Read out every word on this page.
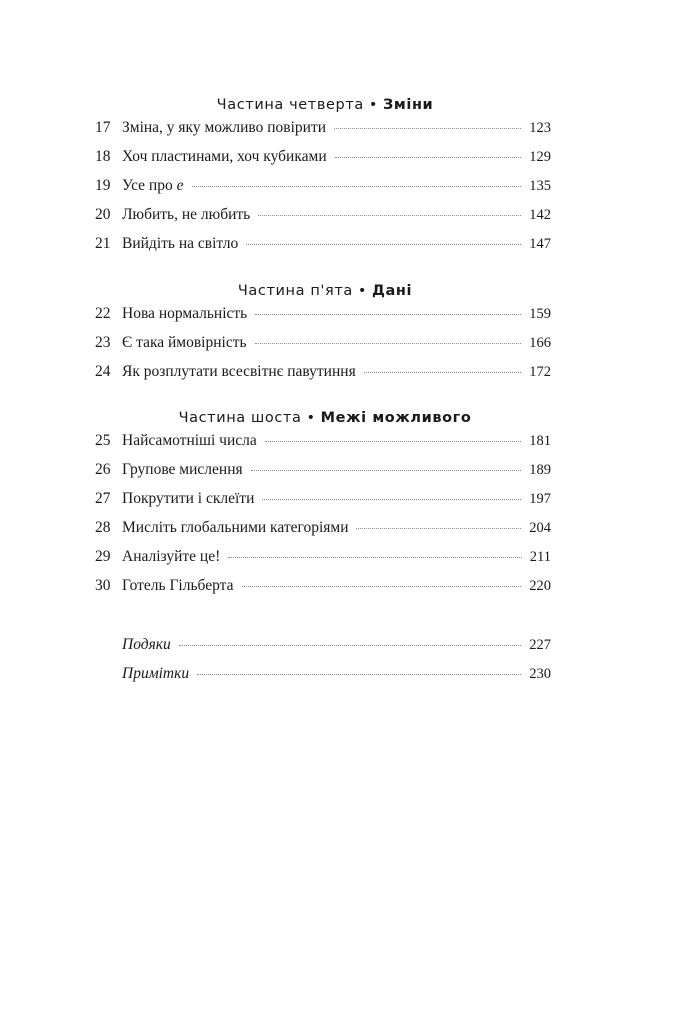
Частина четверта • Зміни
17 Зміна, у яку можливо повірити	123
18 Хоч пластинами, хоч кубиками	129
19 Усе про e	135
20 Любить, не любить	142
21 Вийдіть на світло	147
Частина п'ята • Дані
22 Нова нормальність	159
23 Є така ймовірність	166
24 Як розплутати всесвітнє павутиння	172
Частина шоста • Межі можливого
25 Найсамотніші числа	181
26 Групове мислення	189
27 Покрутити і склеїти	197
28 Мисліть глобальними категоріями	204
29 Аналізуйте це!	211
30 Готель Гільберта	220
Подяки	227
Примітки	230
